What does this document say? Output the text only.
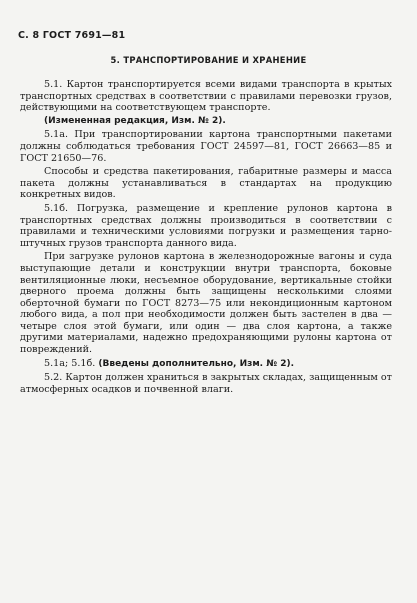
С. 8 ГОСТ 7691—81
5. ТРАНСПОРТИРОВАНИЕ И ХРАНЕНИЕ

5.1. Картон транспортируется всеми видами транспорта в крытых транспортных средствах в соответствии с правилами перевозки грузов, действующими на соответствующем транспорте.

(Измененная редакция, Изм. № 2).

5.1а. При транспортировании картона транспортными пакетами должны соблюдаться требования ГОСТ 24597—81, ГОСТ 26663—85 и ГОСТ 21650—76.

Способы и средства пакетирования, габаритные размеры и масса пакета должны устанавливаться в стандартах на продукцию конкретных видов.

5.1б. Погрузка, размещение и крепление рулонов картона в транспортных средствах должны производиться в соответствии с правилами и техническими условиями погрузки и размещения тарно-штучных грузов транспорта данного вида.

При загрузке рулонов картона в железнодорожные вагоны и суда выступающие детали и конструкции внутри транспорта, боковые вентиляционные люки, несъемное оборудование, вертикальные стойки дверного проема должны быть защищены несколькими слоями оберточной бумаги по ГОСТ 8273—75 или некондиционным картоном любого вида, а пол при необходимости должен быть застелен в два — четыре слоя этой бумаги, или один — два слоя картона, а также другими материалами, надежно предохраняющими рулоны картона от повреждений.

5.1а; 5.1б. (Введены дополнительно, Изм. № 2).

5.2. Картон должен храниться в закрытых складах, защищенным от атмосферных осадков и почвенной влаги.
